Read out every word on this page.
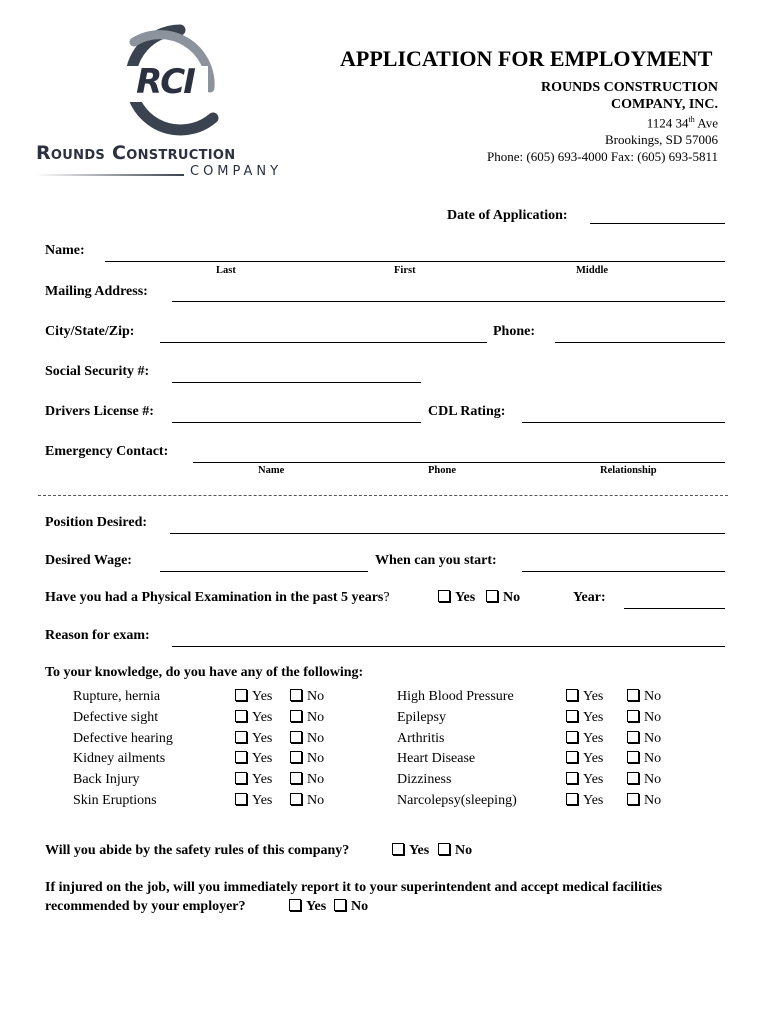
RCI
Rounds Construction
COMPANY
APPLICATION FOR EMPLOYMENT
ROUNDS CONSTRUCTION
COMPANY, INC.
1124 34th Ave
Brookings, SD 57006
Phone: (605) 693-4000 Fax: (605) 693-5811
Date of Application:
Name:
Last	First	Middle
Mailing Address:
City/State/Zip:	Phone:
Social Security #:
Drivers License #:	CDL Rating:
Emergency Contact:
Name	Phone	Relationship
Position Desired:
Desired Wage:	When can you start:
Have you had a Physical Examination in the past 5 years?	Yes	No	Year:
Reason for exam:
To your knowledge, do you have any of the following:
Rupture, hernia	Yes	No
Defective sight	Yes	No
Defective hearing	Yes	No
Kidney ailments	Yes	No
Back Injury	Yes	No
Skin Eruptions	Yes	No
High Blood Pressure	Yes	No
Epilepsy	Yes	No
Arthritis	Yes	No
Heart Disease	Yes	No
Dizziness	Yes	No
Narcolepsy(sleeping)	Yes	No
Will you abide by the safety rules of this company?	Yes	No
If injured on the job, will you immediately report it to your superintendent and accept medical facilities
recommended by your employer?	Yes	No
